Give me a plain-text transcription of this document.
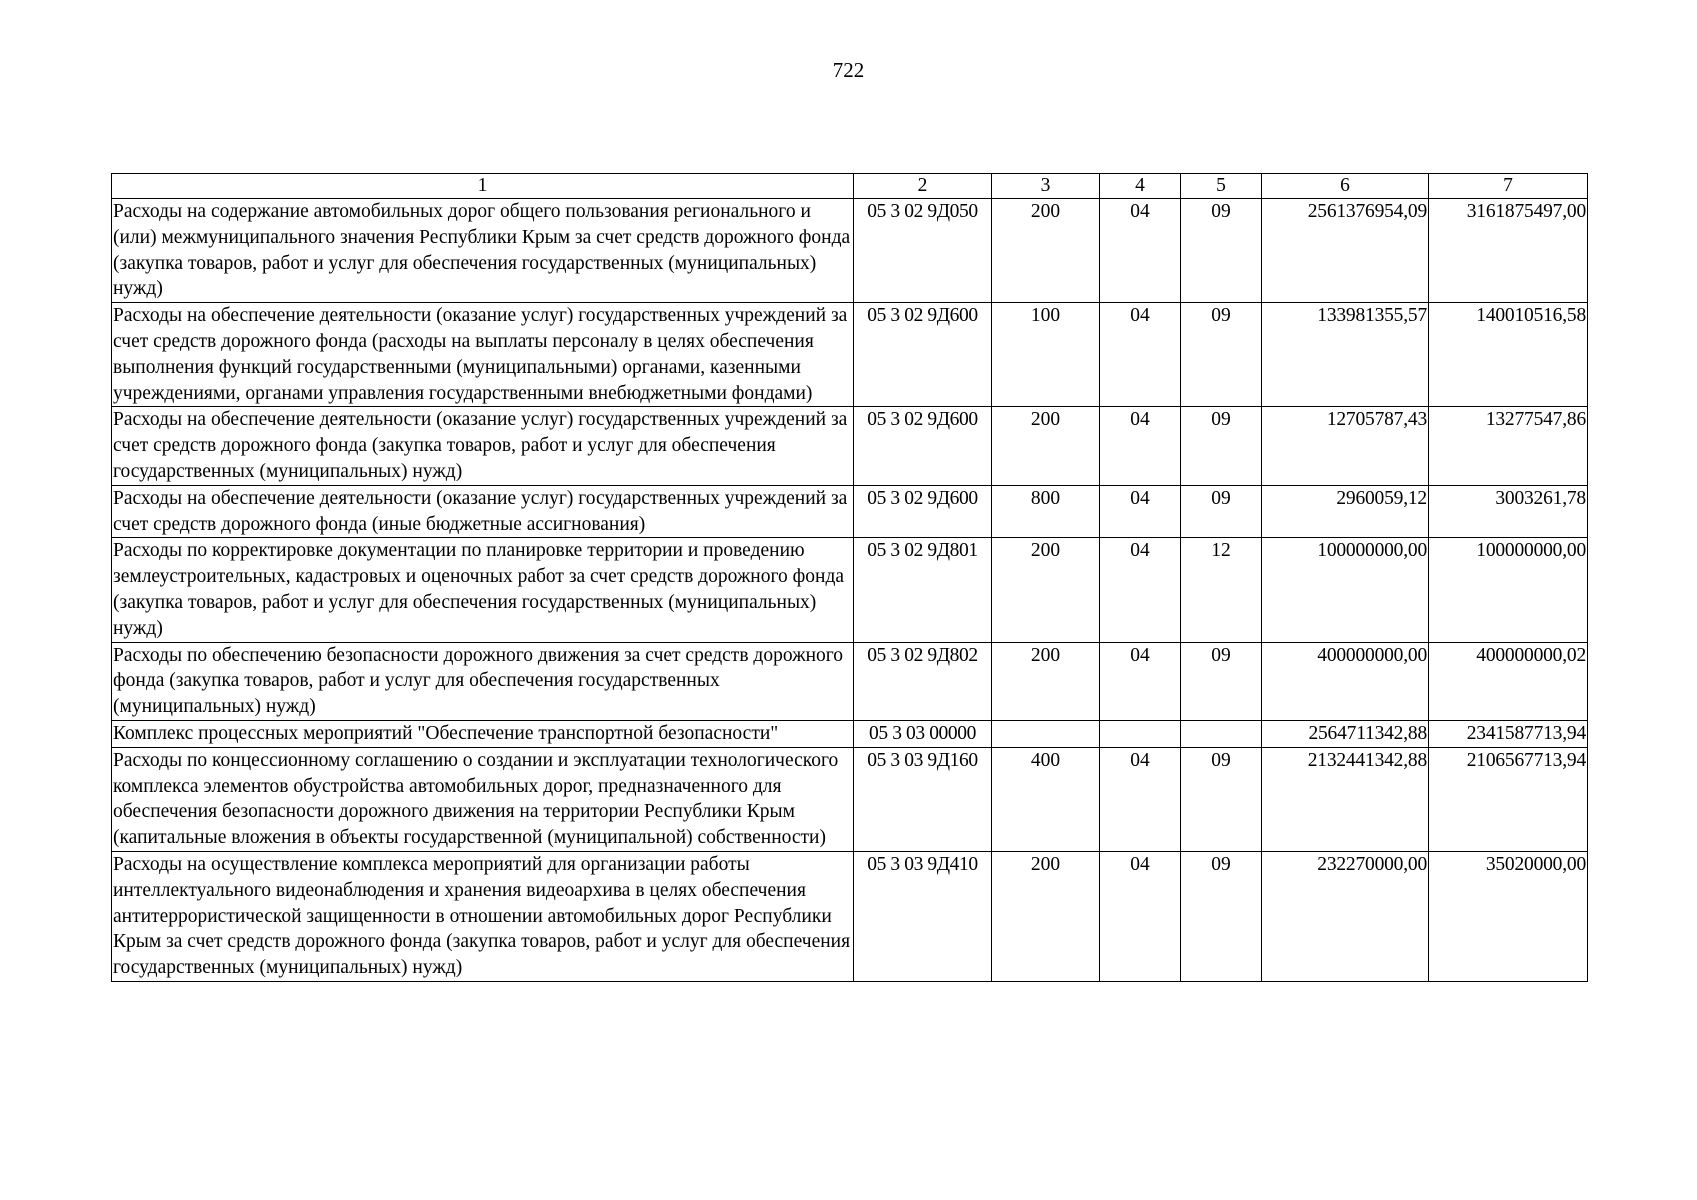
722
1	2	3	4	5	6	7
Расходы на содержание автомобильных дорог общего пользования регионального и (или) межмуниципального значения Республики Крым за счет средств дорожного фонда (закупка товаров, работ и услуг для обеспечения государственных (муниципальных) нужд)	05 3 02 9Д050	200	04	09	2561376954,09	3161875497,00
Расходы на обеспечение деятельности (оказание услуг) государственных учреждений за счет средств дорожного фонда (расходы на выплаты персоналу в целях обеспечения выполнения функций государственными (муниципальными) органами, казенными учреждениями, органами управления государственными внебюджетными фондами)	05 3 02 9Д600	100	04	09	133981355,57	140010516,58
Расходы на обеспечение деятельности (оказание услуг) государственных учреждений за счет средств дорожного фонда (закупка товаров, работ и услуг для обеспечения государственных (муниципальных) нужд)	05 3 02 9Д600	200	04	09	12705787,43	13277547,86
Расходы на обеспечение деятельности (оказание услуг) государственных учреждений за счет средств дорожного фонда (иные бюджетные ассигнования)	05 3 02 9Д600	800	04	09	2960059,12	3003261,78
Расходы по корректировке документации по планировке территории и проведению землеустроительных, кадастровых и оценочных работ за счет средств дорожного фонда (закупка товаров, работ и услуг для обеспечения государственных (муниципальных) нужд)	05 3 02 9Д801	200	04	12	100000000,00	100000000,00
Расходы по обеспечению безопасности дорожного движения за счет средств дорожного фонда (закупка товаров, работ и услуг для обеспечения государственных (муниципальных) нужд)	05 3 02 9Д802	200	04	09	400000000,00	400000000,02
Комплекс процессных мероприятий "Обеспечение транспортной безопасности"	05 3 03 00000				2564711342,88	2341587713,94
Расходы по концессионному соглашению о создании и эксплуатации технологического комплекса элементов обустройства автомобильных дорог, предназначенного для обеспечения безопасности дорожного движения на территории Республики Крым (капитальные вложения в объекты государственной (муниципальной) собственности)	05 3 03 9Д160	400	04	09	2132441342,88	2106567713,94
Расходы на осуществление комплекса мероприятий для организации работы интеллектуального видеонаблюдения и хранения видеоархива в целях обеспечения антитеррористической защищенности в отношении автомобильных дорог Республики Крым за счет средств дорожного фонда (закупка товаров, работ и услуг для обеспечения государственных (муниципальных) нужд)	05 3 03 9Д410	200	04	09	232270000,00	35020000,00
